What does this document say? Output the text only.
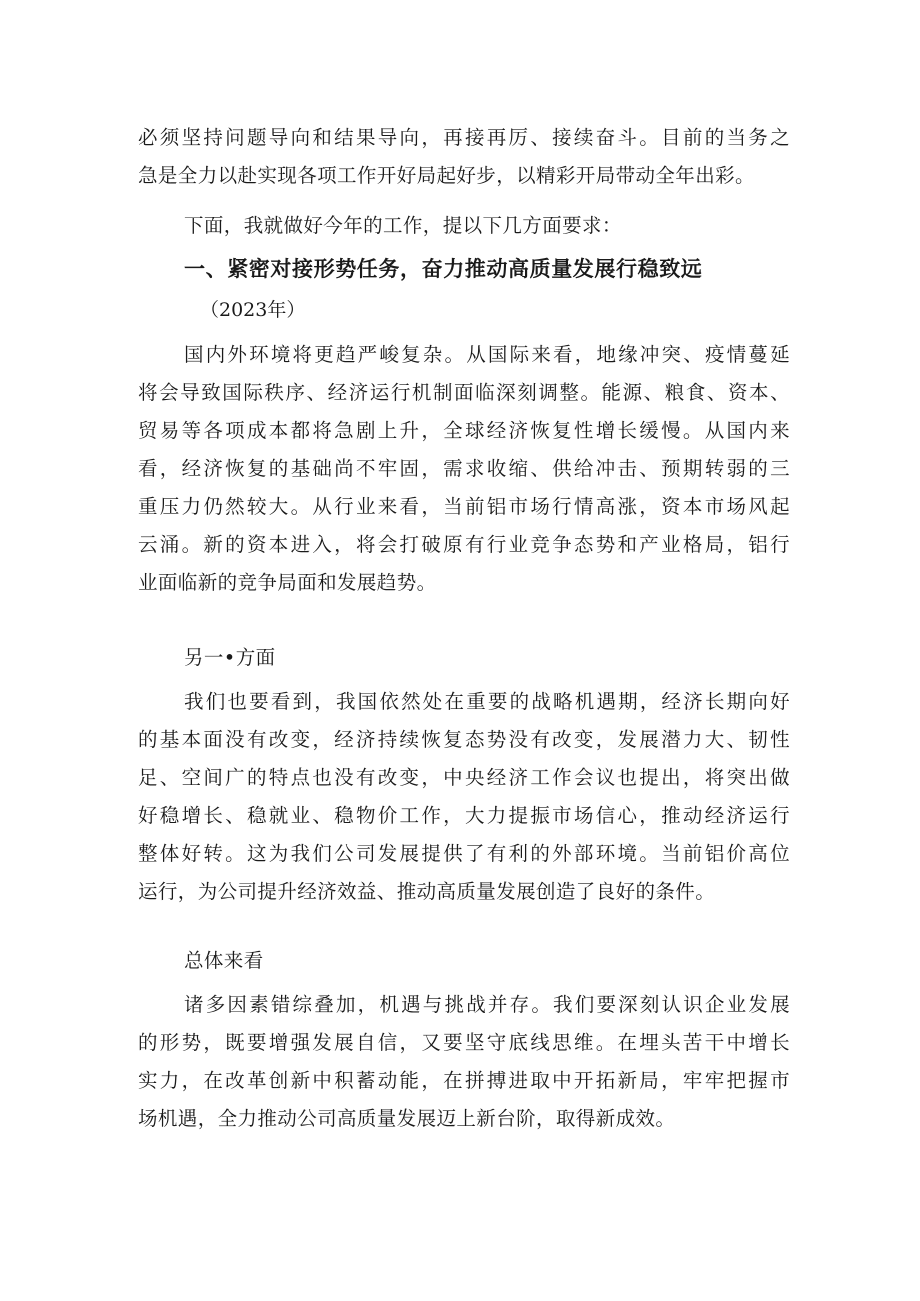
必须坚持问题导向和结果导向，再接再厉、接续奋斗。目前的当务之
急是全力以赴实现各项工作开好局起好步，以精彩开局带动全年出彩。
下面，我就做好今年的工作，提以下几方面要求：
一、紧密对接形势任务，奋力推动高质量发展行稳致远
（2023年）
国内外环境将更趋严峻复杂。从国际来看，地缘冲突、疫情蔓延
将会导致国际秩序、经济运行机制面临深刻调整。能源、粮食、资本、
贸易等各项成本都将急剧上升，全球经济恢复性增长缓慢。从国内来
看，经济恢复的基础尚不牢固，需求收缩、供给冲击、预期转弱的三
重压力仍然较大。从行业来看，当前铝市场行情高涨，资本市场风起
云涌。新的资本进入，将会打破原有行业竞争态势和产业格局，铝行
业面临新的竞争局面和发展趋势。
另一•方面
我们也要看到，我国依然处在重要的战略机遇期，经济长期向好
的基本面没有改变，经济持续恢复态势没有改变，发展潜力大、韧性
足、空间广的特点也没有改变，中央经济工作会议也提出，将突出做
好稳增长、稳就业、稳物价工作，大力提振市场信心，推动经济运行
整体好转。这为我们公司发展提供了有利的外部环境。当前铝价高位
运行，为公司提升经济效益、推动高质量发展创造了良好的条件。
总体来看
诸多因素错综叠加，机遇与挑战并存。我们要深刻认识企业发展
的形势，既要增强发展自信，又要坚守底线思维。在埋头苦干中增长
实力，在改革创新中积蓄动能，在拼搏进取中开拓新局，牢牢把握市
场机遇，全力推动公司高质量发展迈上新台阶，取得新成效。
